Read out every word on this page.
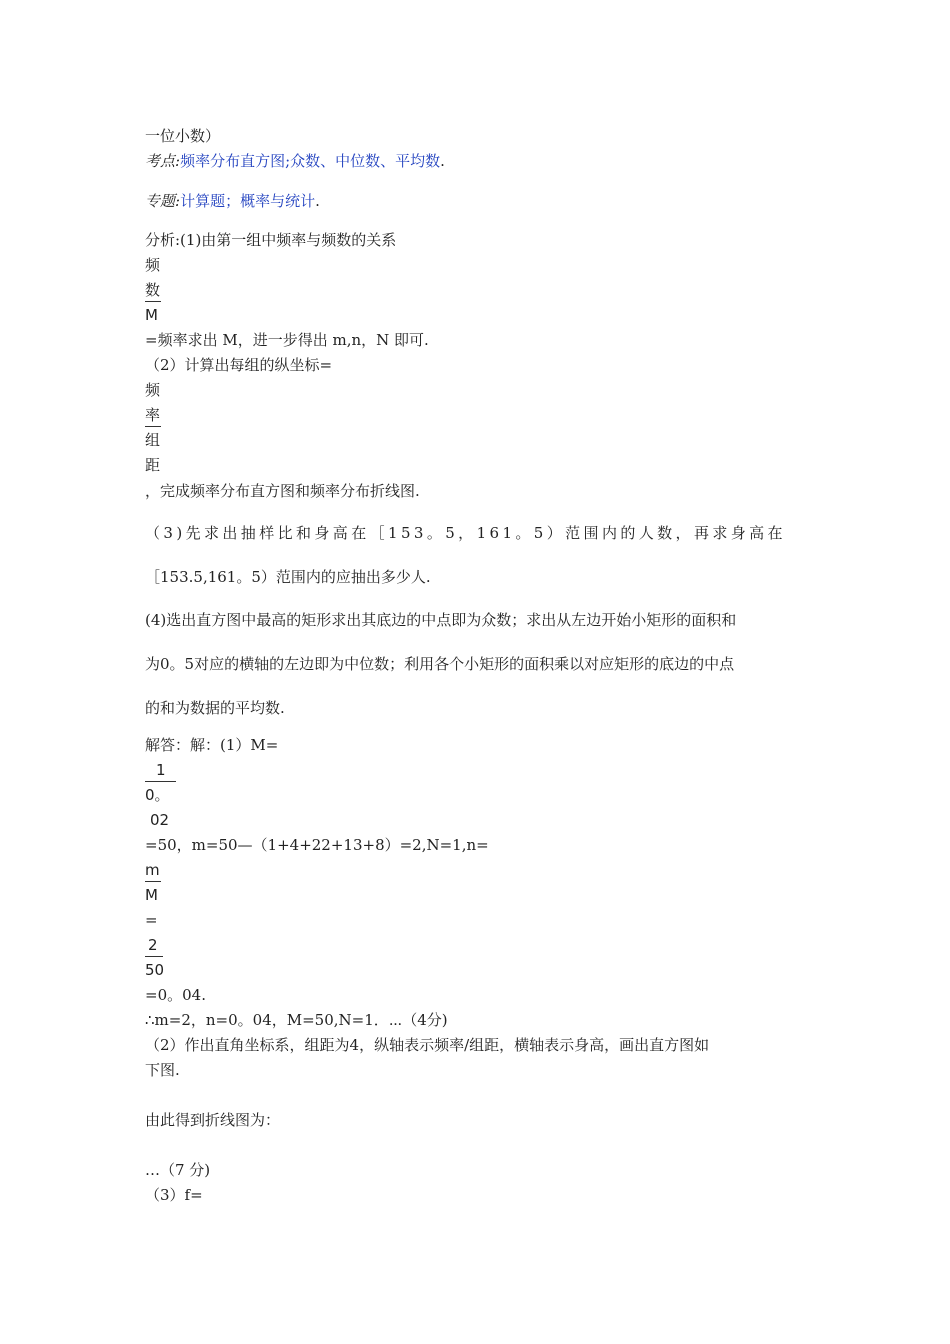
一位小数）
考点:频率分布直方图;众数、中位数、平均数.
专题:计算题；概率与统计.
分析:(1)由第一组中频率与频数的关系
频
数
M
=频率求出 M，进一步得出 m,n，N 即可.
（2）计算出每组的纵坐标=
频
率
组
距
，完成频率分布直方图和频率分布折线图.
（3)先求出抽样比和身高在［153。5，161。5）范围内的人数，再求身高在
［153.5,161。5）范围内的应抽出多少人.
(4)选出直方图中最高的矩形求出其底边的中点即为众数；求出从左边开始小矩形的面积和
为0。5对应的横轴的左边即为中位数；利用各个小矩形的面积乘以对应矩形的底边的中点
的和为数据的平均数.
解答：解：(1）M=
1
0。
02
=50，m=50—（1+4+22+13+8）=2,N=1,n=
m
M
=
2
50
=0。04.
∴m=2，n=0。04，M=50,N=1．⋯（4分)
（2）作出直角坐标系，组距为4，纵轴表示频率/组距，横轴表示身高，画出直方图如
下图.
由此得到折线图为：
…（7 分)
（3）f=
